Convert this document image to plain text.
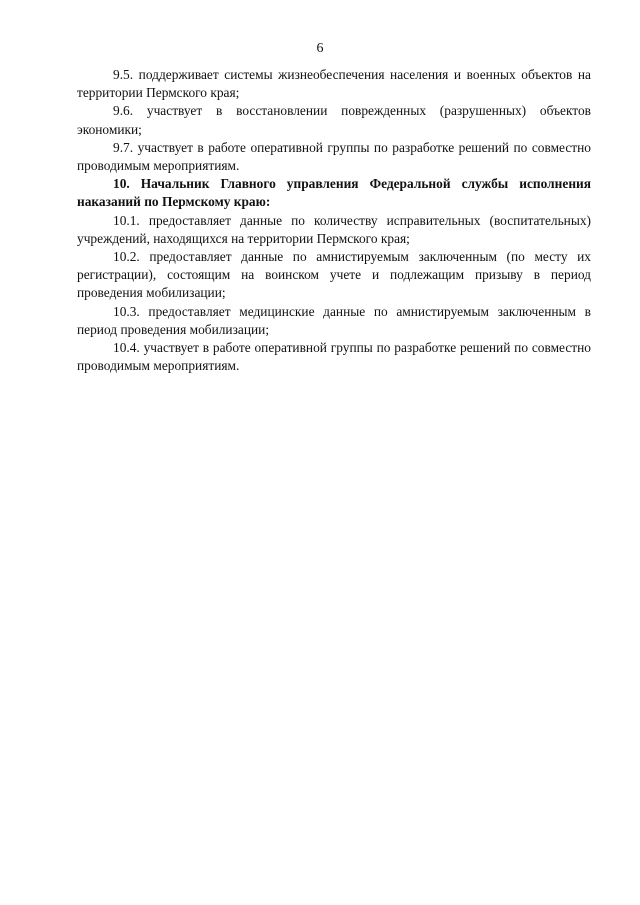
6

9.5. поддерживает системы жизнеобеспечения населения и военных объектов на территории Пермского края;

9.6. участвует в восстановлении поврежденных (разрушенных) объектов экономики;

9.7. участвует в работе оперативной группы по разработке решений по совместно проводимым мероприятиям.

10. Начальник Главного управления Федеральной службы исполнения наказаний по Пермскому краю:

10.1. предоставляет данные по количеству исправительных (воспитательных) учреждений, находящихся на территории Пермского края;

10.2. предоставляет данные по амнистируемым заключенным (по месту их регистрации), состоящим на воинском учете и подлежащим призыву в период проведения мобилизации;

10.3. предоставляет медицинские данные по амнистируемым заключенным в период проведения мобилизации;

10.4. участвует в работе оперативной группы по разработке решений по совместно проводимым мероприятиям.
